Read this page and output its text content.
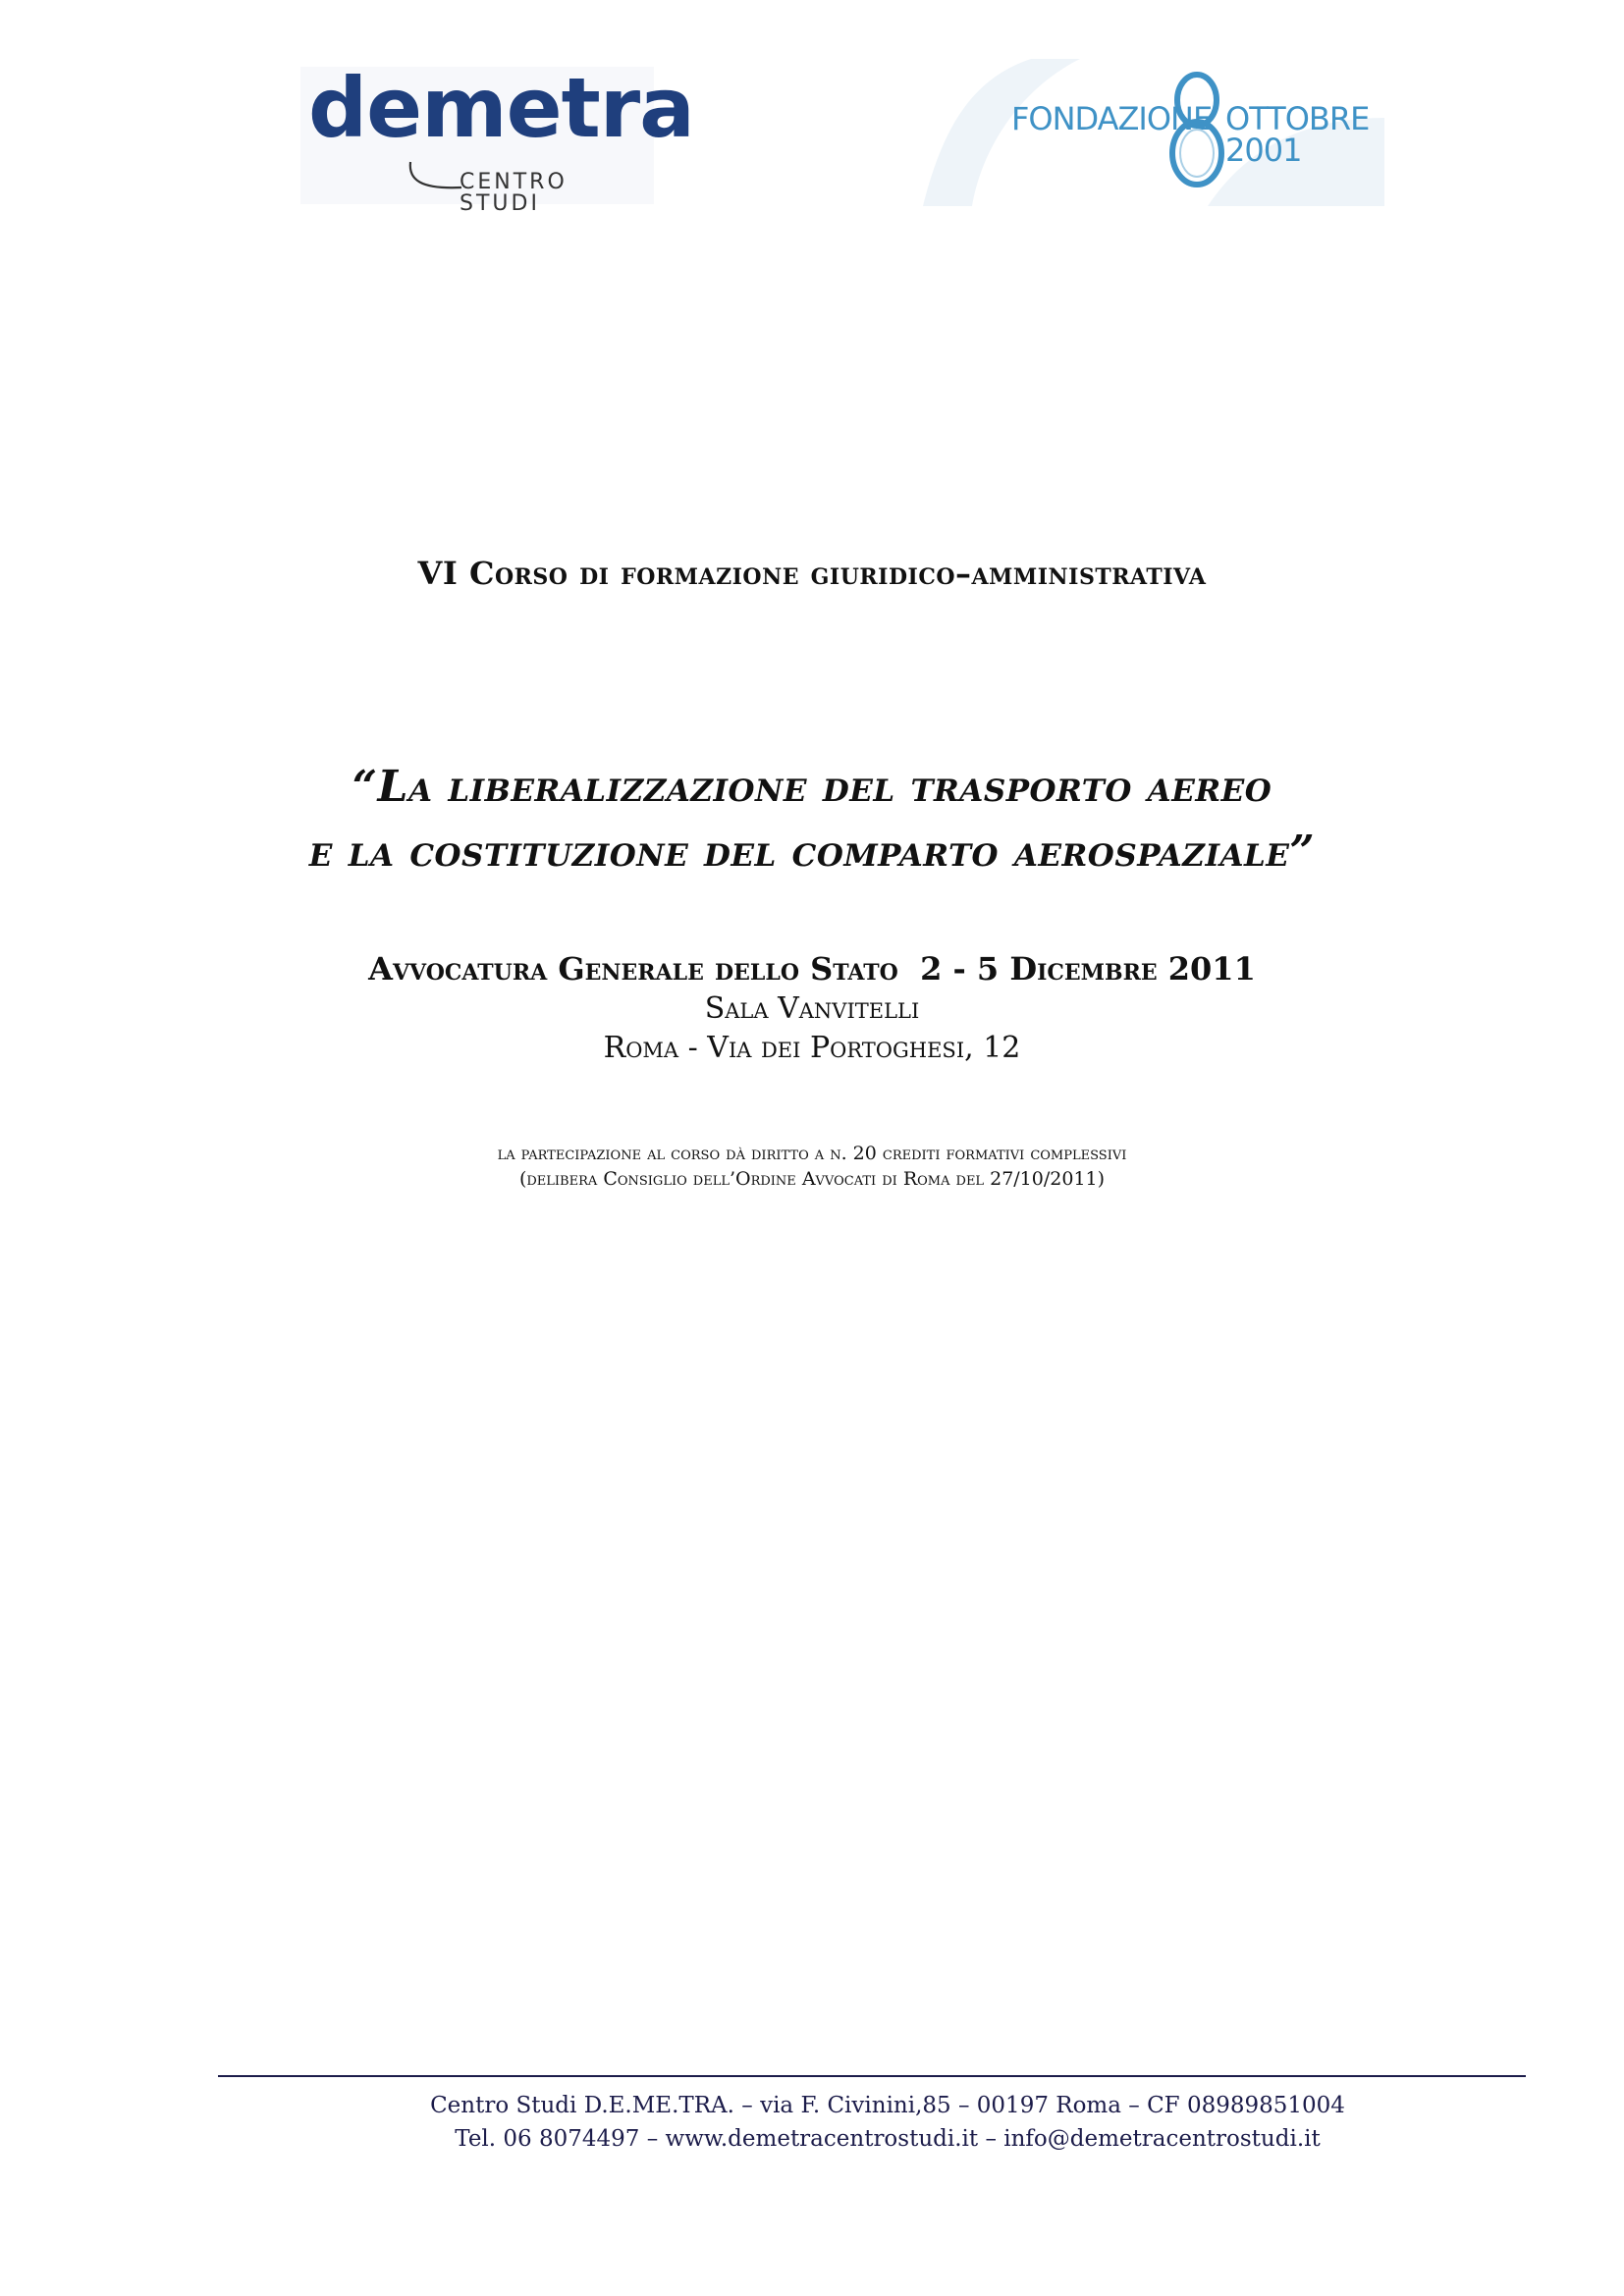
demetra
CENTRO STUDI
FONDAZIONE OTTOBRE 2001
VI Corso di formazione giuridico–amministrativa
“La liberalizzazione del trasporto aereo
e la costituzione del comparto aerospaziale”
Avvocatura Generale dello Stato  2 - 5 Dicembre 2011
Sala Vanvitelli
Roma - Via dei Portoghesi, 12
la partecipazione al corso dà diritto a n. 20 crediti formativi complessivi
(delibera Consiglio dell’Ordine Avvocati di Roma del 27/10/2011)
Centro Studi D.E.ME.TRA. – via F. Civinini,85 – 00197 Roma – CF 08989851004
Tel. 06 8074497 – www.demetracentrostudi.it – info@demetracentrostudi.it
